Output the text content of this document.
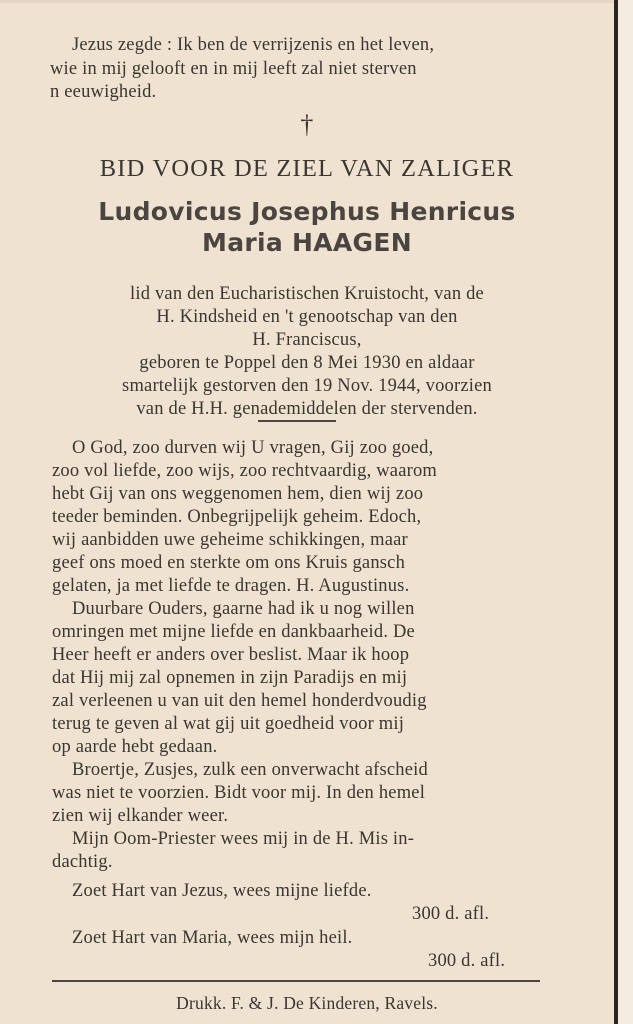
Jezus zegde : Ik ben de verrijzenis en het leven,
wie in mij gelooft en in mij leeft zal niet sterven
n eeuwigheid.
†
BID VOOR DE ZIEL VAN ZALIGER
Ludovicus Josephus Henricus
Maria HAAGEN
lid van den Eucharistischen Kruistocht, van de
H. Kindsheid en 't genootschap van den
H. Franciscus,
geboren te Poppel den 8 Mei 1930 en aldaar
smartelijk gestorven den 19 Nov. 1944, voorzien
van de H.H. genademiddelen der stervenden.
O God, zoo durven wij U vragen, Gij zoo goed,
zoo vol liefde, zoo wijs, zoo rechtvaardig, waarom
hebt Gij van ons weggenomen hem, dien wij zoo
teeder beminden. Onbegrijpelijk geheim. Edoch,
wij aanbidden uwe geheime schikkingen, maar
geef ons moed en sterkte om ons Kruis gansch
gelaten, ja met liefde te dragen. H. Augustinus.
Duurbare Ouders, gaarne had ik u nog willen
omringen met mijne liefde en dankbaarheid. De
Heer heeft er anders over beslist. Maar ik hoop
dat Hij mij zal opnemen in zijn Paradijs en mij
zal verleenen u van uit den hemel honderdvoudig
terug te geven al wat gij uit goedheid voor mij
op aarde hebt gedaan.
Broertje, Zusjes, zulk een onverwacht afscheid
was niet te voorzien. Bidt voor mij. In den hemel
zien wij elkander weer.
Mijn Oom-Priester wees mij in de H. Mis in-
dachtig.
Zoet Hart van Jezus, wees mijne liefde.
300 d. afl.
Zoet Hart van Maria, wees mijn heil.
300 d. afl.
Drukk. F. & J. De Kinderen, Ravels.
